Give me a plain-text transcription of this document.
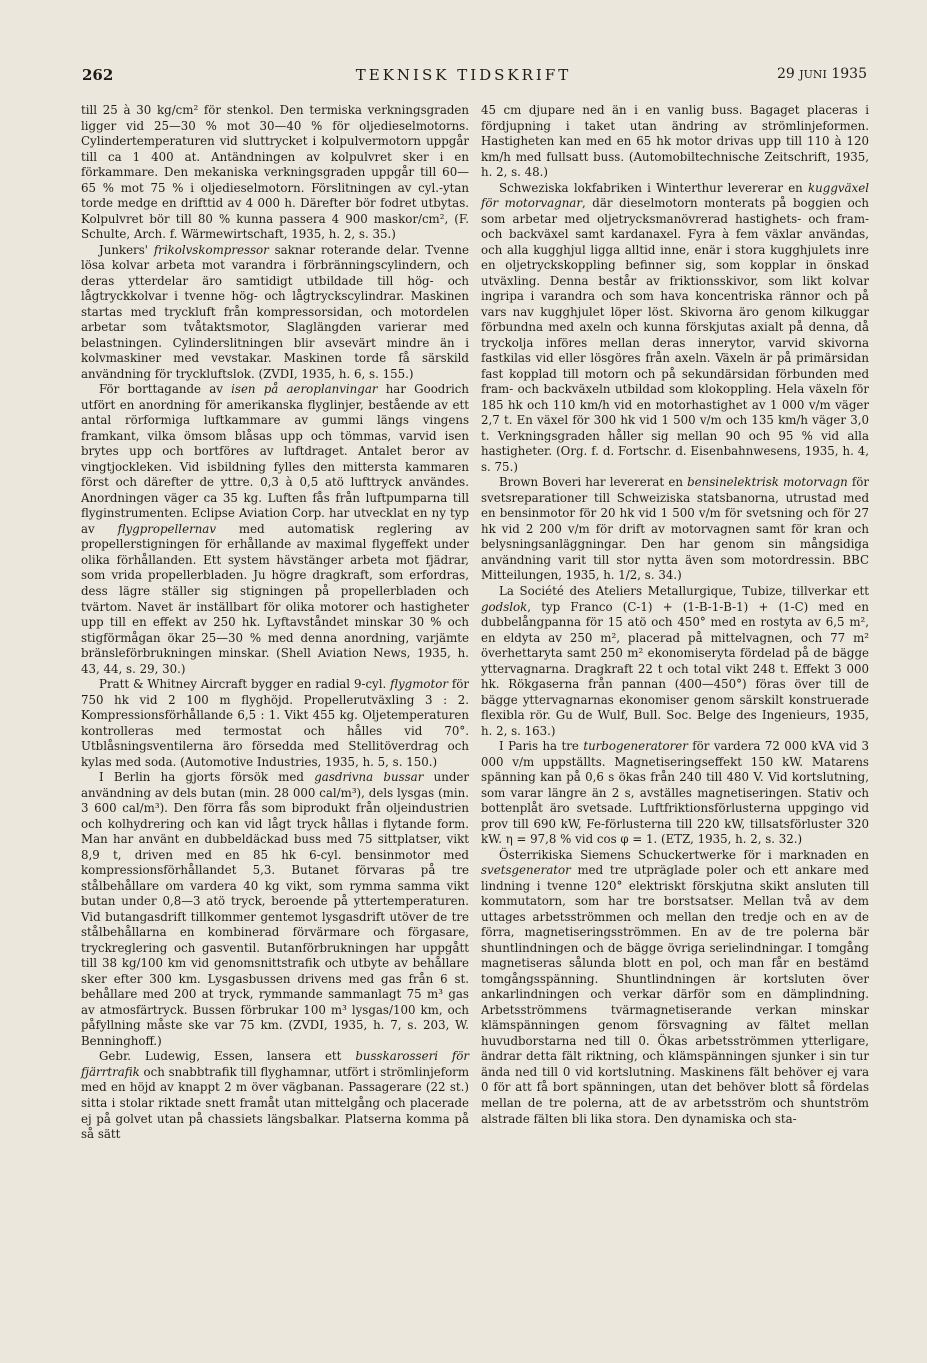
262	TEKNISK TIDSKRIFT	29 JUNI 1935

till 25 à 30 kg/cm² för stenkol. Den termiska verkningsgraden ligger vid 25—30 % mot 30—40 % för oljedieselmotorns. Cylindertemperaturen vid sluttrycket i kolpulvermotorn uppgår till ca 1 400 at. Antändningen av kolpulvret sker i en förkammare. Den mekaniska verkningsgraden uppgår till 60—65 % mot 75 % i oljedieselmotorn. Förslitningen av cyl.-ytan torde medge en drifttid av 4 000 h. Därefter bör fodret utbytas. Kolpulvret bör till 80 % kunna passera 4 900 maskor/cm², (F. Schulte, Arch. f. Wärmewirtschaft, 1935, h. 2, s. 35.)

Junkers' frikolvskompressor saknar roterande delar. Tvenne lösa kolvar arbeta mot varandra i förbränningscylindern, och deras ytterdelar äro samtidigt utbildade till hög- och lågtryckkolvar i tvenne hög- och lågtryckscylindrar. Maskinen startas med tryckluft från kompressorsidan, och motordelen arbetar som tvåtaktsmotor, Slaglängden varierar med belastningen. Cylinderslitningen blir avsevärt mindre än i kolvmaskiner med vevstakar. Maskinen torde få särskild användning för tryckluftslok. (ZVDI, 1935, h. 6, s. 155.)

För borttagande av isen på aeroplanvingar har Goodrich utfört en anordning för amerikanska flyglinjer, bestående av ett antal rörformiga luftkammare av gummi längs vingens framkant, vilka ömsom blåsas upp och tömmas, varvid isen brytes upp och bortföres av luftdraget. Antalet beror av vingtjockleken. Vid isbildning fylles den mittersta kammaren först och därefter de yttre. 0,3 à 0,5 atö lufttryck användes. Anordningen väger ca 35 kg. Luften fås från luftpumparna till flyginstrumenten. Eclipse Aviation Corp. har utvecklat en ny typ av flygpropellernav med automatisk reglering av propellerstigningen för erhållande av maximal flygeffekt under olika förhållanden. Ett system hävstänger arbeta mot fjädrar, som vrida propellerbladen. Ju högre dragkraft, som erfordras, dess lägre ställer sig stigningen på propellerbladen och tvärtom. Navet är inställbart för olika motorer och hastigheter upp till en effekt av 250 hk. Lyftavståndet minskar 30 % och stigförmågan ökar 25—30 % med denna anordning, varjämte bränsleförbrukningen minskar. (Shell Aviation News, 1935, h. 43, 44, s. 29, 30.)

Pratt & Whitney Aircraft bygger en radial 9-cyl. flygmotor för 750 hk vid 2 100 m flyghöjd. Propellerutväxling 3 : 2. Kompressionsförhållande 6,5 : 1. Vikt 455 kg. Oljetemperaturen kontrolleras med termostat och hålles vid 70°. Utblåsningsventilerna äro försedda med Stellitöverdrag och kylas med soda. (Automotive Industries, 1935, h. 5, s. 150.)

I Berlin ha gjorts försök med gasdrivna bussar under användning av dels butan (min. 28 000 cal/m³), dels lysgas (min. 3 600 cal/m³). Den förra fås som biprodukt från oljeindustrien och kolhydrering och kan vid lågt tryck hållas i flytande form. Man har använt en dubbeldäckad buss med 75 sittplatser, vikt 8,9 t, driven med en 85 hk 6-cyl. bensinmotor med kompressionsförhållandet 5,3. Butanet förvaras på tre stålbehållare om vardera 40 kg vikt, som rymma samma vikt butan under 0,8—3 atö tryck, beroende på yttertemperaturen. Vid butangasdrift tillkommer gentemot lysgasdrift utöver de tre stålbehållarna en kombinerad förvärmare och förgasare, tryckreglering och gasventil. Butanförbrukningen har uppgått till 38 kg/100 km vid genomsnittstrafik och utbyte av behållare sker efter 300 km. Lysgasbussen drivens med gas från 6 st. behållare med 200 at tryck, rymmande sammanlagt 75 m³ gas av atmosfärtryck. Bussen förbrukar 100 m³ lysgas/100 km, och påfyllning måste ske var 75 km. (ZVDI, 1935, h. 7, s. 203, W. Benninghoff.)

Gebr. Ludewig, Essen, lansera ett busskarosseri för fjärrtrafik och snabbtrafik till flyghamnar, utfört i strömlinjeform med en höjd av knappt 2 m över vägbanan. Passagerare (22 st.) sitta i stolar riktade snett framåt utan mittelgång och placerade ej på golvet utan på chassiets längsbalkar. Platserna komma på så sätt

45 cm djupare ned än i en vanlig buss. Bagaget placeras i fördjupning i taket utan ändring av strömlinjeformen. Hastigheten kan med en 65 hk motor drivas upp till 110 à 120 km/h med fullsatt buss. (Automobiltechnische Zeitschrift, 1935, h. 2, s. 48.)

Schweziska lokfabriken i Winterthur levererar en kuggväxel för motorvagnar, där dieselmotorn monterats på boggien och som arbetar med oljetrycksmanövrerad hastighets- och fram- och backväxel samt kardanaxel. Fyra à fem växlar användas, och alla kugghjul ligga alltid inne, enär i stora kugghjulets inre en oljetryckskoppling befinner sig, som kopplar in önskad utväxling. Denna består av friktionsskivor, som likt kolvar ingripa i varandra och som hava koncentriska rännor och på vars nav kugghjulet löper löst. Skivorna äro genom kilkuggar förbundna med axeln och kunna förskjutas axialt på denna, då tryckolja införes mellan deras innerytor, varvid skivorna fastkilas vid eller lösgöres från axeln. Växeln är på primärsidan fast kopplad till motorn och på sekundärsidan förbunden med fram- och backväxeln utbildad som klokoppling. Hela växeln för 185 hk och 110 km/h vid en motorhastighet av 1 000 v/m väger 2,7 t. En växel för 300 hk vid 1 500 v/m och 135 km/h väger 3,0 t. Verkningsgraden håller sig mellan 90 och 95 % vid alla hastigheter. (Org. f. d. Fortschr. d. Eisenbahnwesens, 1935, h. 4, s. 75.)

Brown Boveri har levererat en bensinelektrisk motorvagn för svetsreparationer till Schweiziska statsbanorna, utrustad med en bensinmotor för 20 hk vid 1 500 v/m för svetsning och för 27 hk vid 2 200 v/m för drift av motorvagnen samt för kran och belysningsanläggningar. Den har genom sin mångsidiga användning varit till stor nytta även som motordressin. BBC Mitteilungen, 1935, h. 1/2, s. 34.)

La Société des Ateliers Metallurgique, Tubize, tillverkar ett godslok, typ Franco (C-1) + (1-B-1-B-1) + (1-C) med en dubbelångpanna för 15 atö och 450° med en rostyta av 6,5 m², en eldyta av 250 m², placerad på mittelvagnen, och 77 m² överhettaryta samt 250 m² ekonomiseryta fördelad på de bägge yttervagnarna. Dragkraft 22 t och total vikt 248 t. Effekt 3 000 hk. Rökgaserna från pannan (400—450°) föras över till de bägge yttervagnarnas ekonomiser genom särskilt konstruerade flexibla rör. Gu de Wulf, Bull. Soc. Belge des Ingenieurs, 1935, h. 2, s. 163.)

I Paris ha tre turbogeneratorer för vardera 72 000 kVA vid 3 000 v/m uppställts. Magnetiseringseffekt 150 kW. Matarens spänning kan på 0,6 s ökas från 240 till 480 V. Vid kortslutning, som varar längre än 2 s, avställes magnetiseringen. Stativ och bottenplåt äro svetsade. Luftfriktionsförlusterna uppgingo vid prov till 690 kW, Fe-förlusterna till 220 kW, tillsatsförluster 320 kW. η = 97,8 % vid cos φ = 1. (ETZ, 1935, h. 2, s. 32.)

Österrikiska Siemens Schuckertwerke för i marknaden en svetsgenerator med tre utpräglade poler och ett ankare med lindning i tvenne 120° elektriskt förskjutna skikt ansluten till kommutatorn, som har tre borstsatser. Mellan två av dem uttages arbetsströmmen och mellan den tredje och en av de förra, magnetiseringsströmmen. En av de tre polerna bär shuntlindningen och de bägge övriga serielindningar. I tomgång magnetiseras sålunda blott en pol, och man får en bestämd tomgångsspänning. Shuntlindningen är kortsluten över ankarlindningen och verkar därför som en dämplindning. Arbetsströmmens tvärmagnetiserande verkan minskar klämspänningen genom försvagning av fältet mellan huvudborstarna ned till 0. Ökas arbetsströmmen ytterligare, ändrar detta fält riktning, och klämspänningen sjunker i sin tur ända ned till 0 vid kortslutning. Maskinens fält behöver ej vara 0 för att få bort spänningen, utan det behöver blott så fördelas mellan de tre polerna, att de av arbetsström och shuntström alstrade fälten bli lika stora. Den dynamiska och sta-
